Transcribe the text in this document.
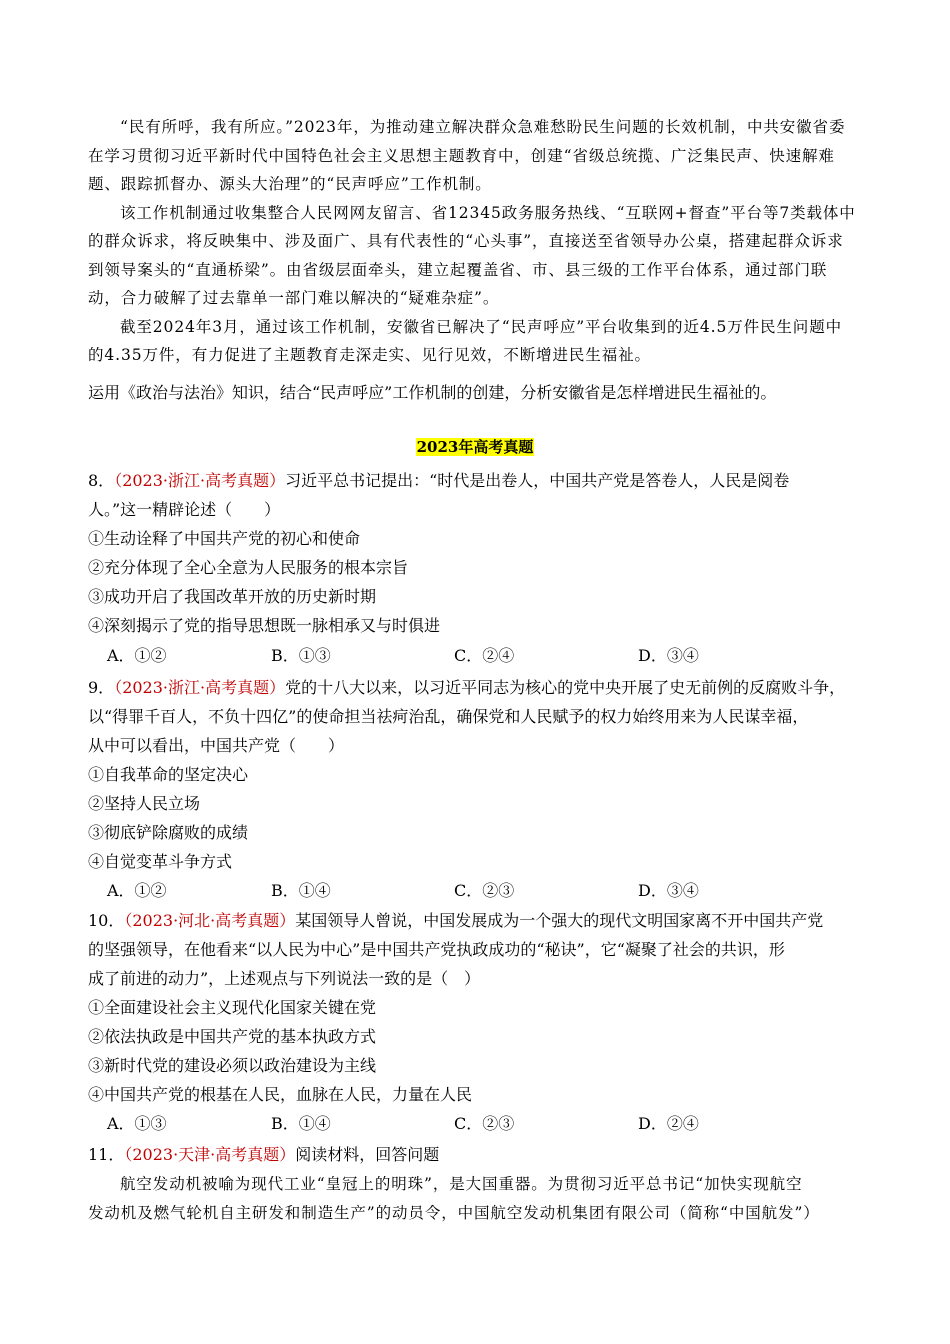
“民有所呼，我有所应。”2023年，为推动建立解决群众急难愁盼民生问题的长效机制，中共安徽省委在学习贯彻习近平新时代中国特色社会主义思想主题教育中，创建“省级总统揽、广泛集民声、快速解难题、跟踪抓督办、源头大治理”的“民声呼应”工作机制。

该工作机制通过收集整合人民网网友留言、省12345政务服务热线、“互联网+督查”平台等7类载体中的群众诉求，将反映集中、涉及面广、具有代表性的“心头事”，直接送至省领导办公桌，搭建起群众诉求到领导案头的“直通桥梁”。由省级层面牵头，建立起覆盖省、市、县三级的工作平台体系，通过部门联动，合力破解了过去靠单一部门难以解决的“疑难杂症”。

截至2024年3月，通过该工作机制，安徽省已解决了“民声呼应”平台收集到的近4.5万件民生问题中的4.35万件，有力促进了主题教育走深走实、见行见效，不断增进民生福祉。

运用《政治与法治》知识，结合“民声呼应”工作机制的创建，分析安徽省是怎样增进民生福祉的。
2023年高考真题
8．（2023·浙江·高考真题）习近平总书记提出：“时代是出卷人，中国共产党是答卷人，人民是阅卷
人。”这一精辟论述（　　）
①生动诠释了中国共产党的初心和使命
②充分体现了全心全意为人民服务的根本宗旨
③成功开启了我国改革开放的历史新时期
④深刻揭示了党的指导思想既一脉相承又与时俱进
A．①②	B．①③	C．②④	D．③④
9．（2023·浙江·高考真题）党的十八大以来，以习近平同志为核心的党中央开展了史无前例的反腐败斗争，
以“得罪千百人，不负十四亿”的使命担当祛疴治乱，确保党和人民赋予的权力始终用来为人民谋幸福，
从中可以看出，中国共产党（　　）
①自我革命的坚定决心
②坚持人民立场
③彻底铲除腐败的成绩
④自觉变革斗争方式
A．①②	B．①④	C．②③	D．③④
10．（2023·河北·高考真题）某国领导人曾说，中国发展成为一个强大的现代文明国家离不开中国共产党
的坚强领导，在他看来“以人民为中心”是中国共产党执政成功的“秘诀”，它“凝聚了社会的共识，形
成了前进的动力”，上述观点与下列说法一致的是（　）
①全面建设社会主义现代化国家关键在党
②依法执政是中国共产党的基本执政方式
③新时代党的建设必须以政治建设为主线
④中国共产党的根基在人民，血脉在人民，力量在人民
A．①③	B．①④	C．②③	D．②④
11．（2023·天津·高考真题）阅读材料，回答问题
航空发动机被喻为现代工业“皇冠上的明珠”，是大国重器。为贯彻习近平总书记“加快实现航空
发动机及燃气轮机自主研发和制造生产”的动员令，中国航空发动机集团有限公司（简称“中国航发”）
